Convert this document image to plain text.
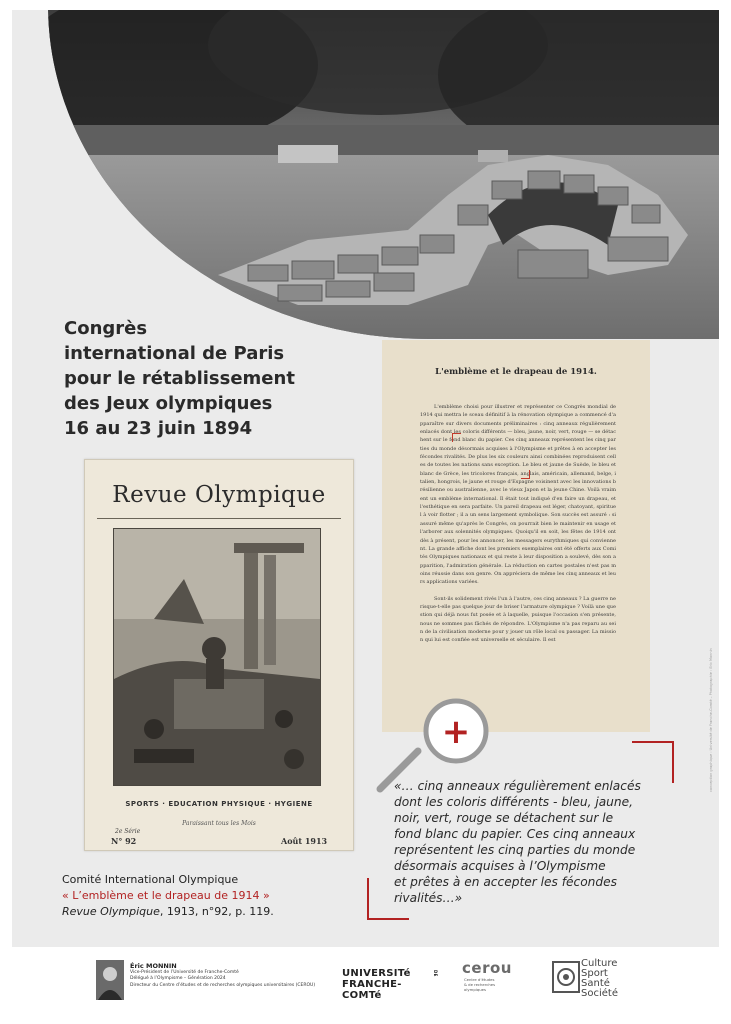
Congrès
international de Paris
pour le rétablissement
des Jeux olympiques
16 au 23 juin 1894
Revue Olympique
SPORTS · EDUCATION PHYSIQUE · HYGIENE
Paraissant tous les Mois
2e Série
N° 92	Août 1913
Comité International Olympique
« L’emblème et le drapeau de 1914 »
Revue Olympique, 1913, n°92, p. 119.
L'emblème et le drapeau de 1914.

L'emblème choisi pour illustrer et représenter ce Congrès mondial de 1914 qui mettra le sceau définitif à la rénovation olympique a commencé d'apparaître sur divers documents préliminaires : cinq anneaux régulièrement enlacés dont les coloris différents — bleu, jaune, noir, vert, rouge — se détachent sur le fond blanc du papier. Ces cinq anneaux représentent les cinq parties du monde désormais acquises à l'Olympisme et prêtes à en accepter les fécondes rivalités. De plus les six couleurs ainsi combinées reproduisent celles de toutes les nations sans exception. Le bleu et jaune de Suède, le bleu et blanc de Grèce, les tricolores français, anglais, américain, allemand, belge, italien, hongrois, le jaune et rouge d'Espagne voisinent avec les innovations brésilienne ou australienne, avec le vieux Japon et la jeune Chine. Voilà vraiment un emblème international. Il était tout indiqué d'en faire un drapeau, et l'esthétique en sera parfaite. Un pareil drapeau est léger, chatoyant, spirituel à voir flotter ; il a un sens largement symbolique. Son succès est assuré : si assuré même qu'après le Congrès, on pourrait bien le maintenir en usage et l'arborer aux solennités olympiques. Quoiqu'il en soit, les fêtes de 1914 ont dès à présent, pour les annoncer, les messagers eurythmiques qui conviennent. La grande affiche dont les premiers exemplaires ont été offerts aux Comités Olympiques nationaux et qui reste à leur disposition a soulevé, dès son apparition, l'admiration générale. La réduction en cartes postales n'est pas moins réussie dans son genre. On appréciera de même les cinq anneaux et leurs applications variées.

Sont-ils solidement rivés l'un à l'autre, ces cinq anneaux ? La guerre ne risque-t-elle pas quelque jour de briser l'armature olympique ? Voilà une question qui déjà nous fut posée et à laquelle, puisque l'occasion s'en présente, nous ne sommes pas fâchés de répondre. L'Olympisme n'a pas reparu au sein de la civilisation moderne pour y jouer un rôle local ou passager. La mission qui lui est confiée est universelle et séculaire. Il est

+
«… cinq anneaux régulièrement enlacés
dont les coloris différents - bleu, jaune,
noir, vert, rouge se détachent sur le
fond blanc du papier. Ces cinq anneaux
représentent les cinq parties du monde
désormais acquises à l’Olympisme
et prêtes à en accepter les fécondes
rivalités…»
conception graphique : Université de Franche-Comté – Photographie : Eric Monnin
Éric MONNIN
Vice-Président de l’Université de Franche-Comté
Délégué à l’Olympisme – Génération 2024
Directeur du Centre d’études et de recherches olympiques universitaires (CEROU)
UNIVERSITé
FRANCHE-COMTé
DE cerou
Centre d’études
& de recherches
olympiques
Culture
Sport
Santé
Société
